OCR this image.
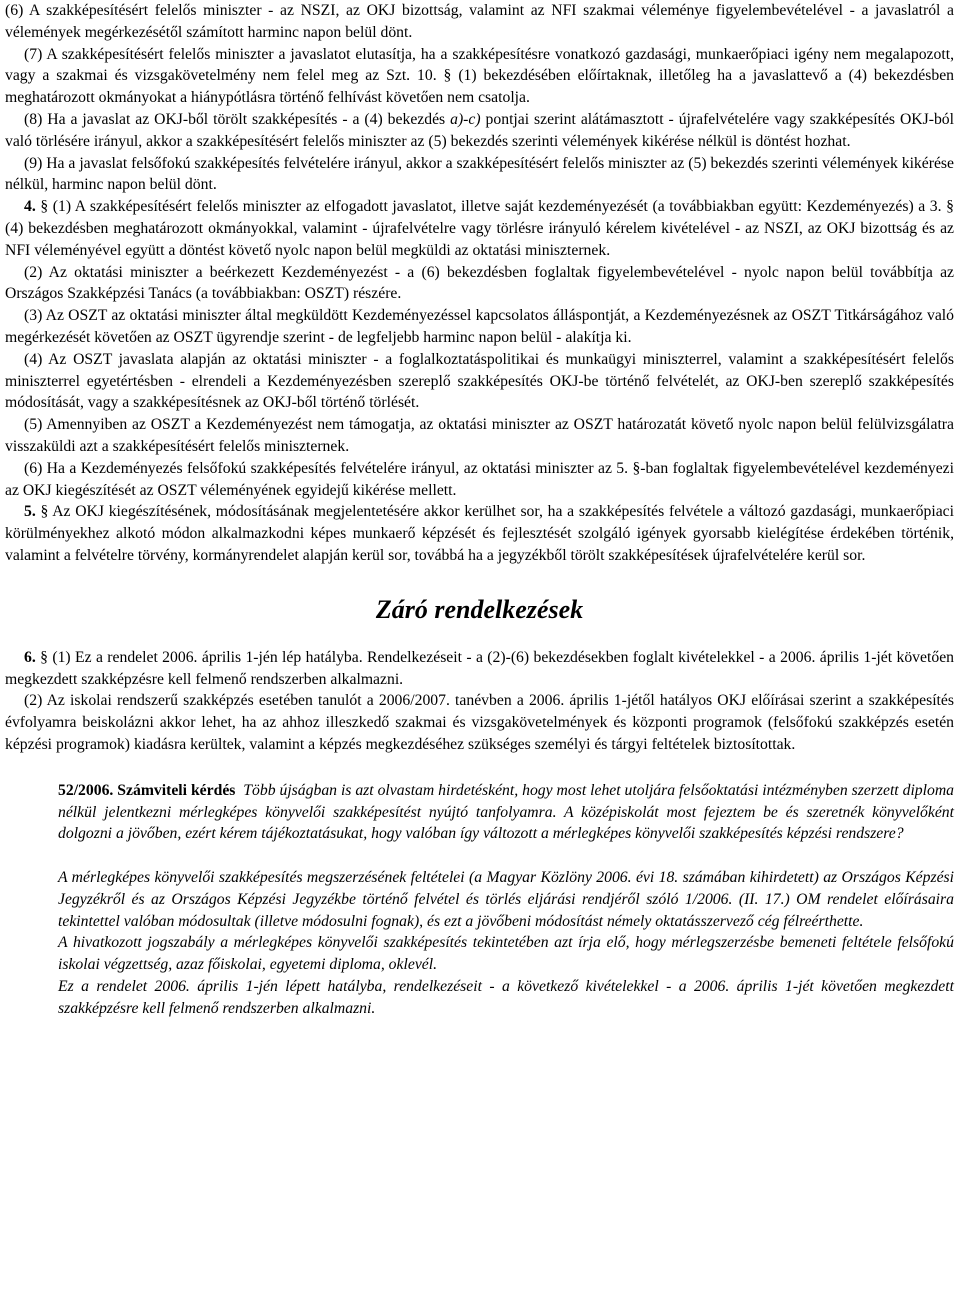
(6) A szakképesítésért felelős miniszter - az NSZI, az OKJ bizottság, valamint az NFI szakmai véleménye figyelembevételével - a javaslatról a vélemények megérkezésétől számított harminc napon belül dönt.

(7) A szakképesítésért felelős miniszter a javaslatot elutasítja, ha a szakképesítésre vonatkozó gazdasági, munkaerőpiaci igény nem megalapozott, vagy a szakmai és vizsgakövetelmény nem felel meg az Szt. 10. § (1) bekezdésében előírtaknak, illetőleg ha a javaslattevő a (4) bekezdésben meghatározott okmányokat a hiánypótlásra történő felhívást követően nem csatolja.

(8) Ha a javaslat az OKJ-ből törölt szakképesítés - a (4) bekezdés a)-c) pontjai szerint alátámasztott - újrafelvételére vagy szakképesítés OKJ-ból való törlésére irányul, akkor a szakképesítésért felelős miniszter az (5) bekezdés szerinti vélemények kikérése nélkül is döntést hozhat.

(9) Ha a javaslat felsőfokú szakképesítés felvételére irányul, akkor a szakképesítésért felelős miniszter az (5) bekezdés szerinti vélemények kikérése nélkül, harminc napon belül dönt.

4. § (1) A szakképesítésért felelős miniszter az elfogadott javaslatot, illetve saját kezdeményezését (a továbbiakban együtt: Kezdeményezés) a 3. § (4) bekezdésben meghatározott okmányokkal, valamint - újrafelvételre vagy törlésre irányuló kérelem kivételével - az NSZI, az OKJ bizottság és az NFI véleményével együtt a döntést követő nyolc napon belül megküldi az oktatási miniszternek.

(2) Az oktatási miniszter a beérkezett Kezdeményezést - a (6) bekezdésben foglaltak figyelembevételével - nyolc napon belül továbbítja az Országos Szakképzési Tanács (a továbbiakban: OSZT) részére.

(3) Az OSZT az oktatási miniszter által megküldött Kezdeményezéssel kapcsolatos álláspontját, a Kezdeményezésnek az OSZT Titkárságához való megérkezését követően az OSZT ügyrendje szerint - de legfeljebb harminc napon belül - alakítja ki.

(4) Az OSZT javaslata alapján az oktatási miniszter - a foglalkoztatáspolitikai és munkaügyi miniszterrel, valamint a szakképesítésért felelős miniszterrel egyetértésben - elrendeli a Kezdeményezésben szereplő szakképesítés OKJ-be történő felvételét, az OKJ-ben szereplő szakképesítés módosítását, vagy a szakképesítésnek az OKJ-ből történő törlését.

(5) Amennyiben az OSZT a Kezdeményezést nem támogatja, az oktatási miniszter az OSZT határozatát követő nyolc napon belül felülvizsgálatra visszaküldi azt a szakképesítésért felelős miniszternek.

(6) Ha a Kezdeményezés felsőfokú szakképesítés felvételére irányul, az oktatási miniszter az 5. §-ban foglaltak figyelembevételével kezdeményezi az OKJ kiegészítését az OSZT véleményének egyidejű kikérése mellett.

5. § Az OKJ kiegészítésének, módosításának megjelentetésére akkor kerülhet sor, ha a szakképesítés felvétele a változó gazdasági, munkaerőpiaci körülményekhez alkotó módon alkalmazkodni képes munkaerő képzését és fejlesztését szolgáló igények gyorsabb kielégítése érdekében történik, valamint a felvételre törvény, kormányrendelet alapján kerül sor, továbbá ha a jegyzékből törölt szakképesítések újrafelvételére kerül sor.

Záró rendelkezések

6. § (1) Ez a rendelet 2006. április 1-jén lép hatályba. Rendelkezéseit - a (2)-(6) bekezdésekben foglalt kivételekkel - a 2006. április 1-jét követően megkezdett szakképzésre kell felmenő rendszerben alkalmazni.

(2) Az iskolai rendszerű szakképzés esetében tanulót a 2006/2007. tanévben a 2006. április 1-jétől hatályos OKJ előírásai szerint a szakképesítés évfolyamra beiskolázni akkor lehet, ha az ahhoz illeszkedő szakmai és vizsgakövetelmények és központi programok (felsőfokú szakképzés esetén képzési programok) kiadásra kerültek, valamint a képzés megkezdéséhez szükséges személyi és tárgyi feltételek biztosítottak.

52/2006. Számviteli kérdés Több újságban is azt olvastam hirdetésként, hogy most lehet utoljára felsőoktatási intézményben szerzett diploma nélkül jelentkezni mérlegképes könyvelői szakképesítést nyújtó tanfolyamra. A középiskolát most fejeztem be és szeretnék könyvelőként dolgozni a jövőben, ezért kérem tájékoztatásukat, hogy valóban így változott a mérlegképes könyvelői szakképesítés képzési rendszere?

A mérlegképes könyvelői szakképesítés megszerzésének feltételei (a Magyar Közlöny 2006. évi 18. számában kihirdetett) az Országos Képzési Jegyzékről és az Országos Képzési Jegyzékbe történő felvétel és törlés eljárási rendjéről szóló 1/2006. (II. 17.) OM rendelet előírásaira tekintettel valóban módosultak (illetve módosulni fognak), és ezt a jövőbeni módosítást némely oktatásszervező cég félreérthette.

A hivatkozott jogszabály a mérlegképes könyvelői szakképesítés tekintetében azt írja elő, hogy mérlegszerzésbe bemeneti feltétele felsőfokú iskolai végzettség, azaz főiskolai, egyetemi diploma, oklevél.

Ez a rendelet 2006. április 1-jén lépett hatályba, rendelkezéseit - a következő kivételekkel - a 2006. április 1-jét követően megkezdett szakképzésre kell felmenő rendszerben alkalmazni.
